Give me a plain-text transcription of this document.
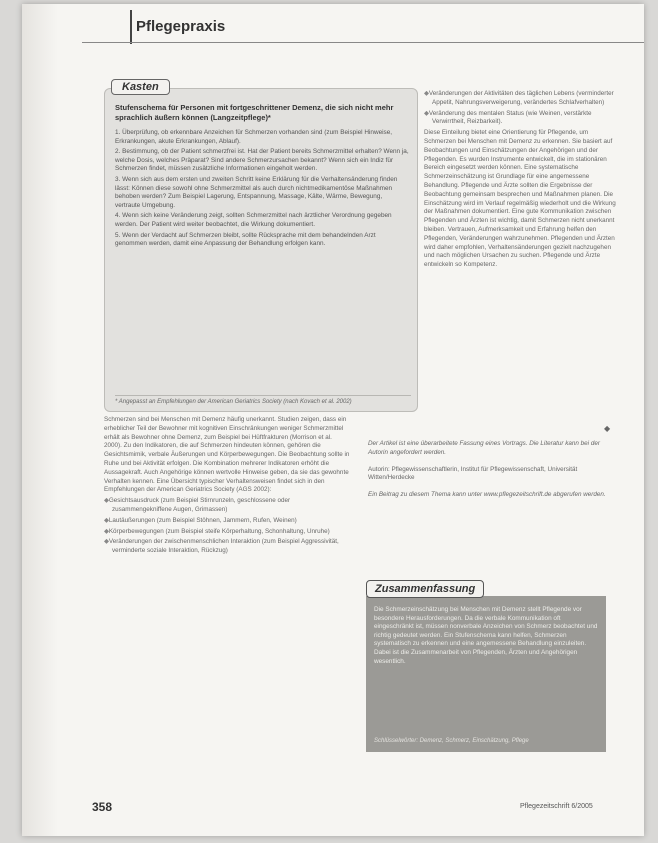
Pflegepraxis
Kasten
Stufenschema für Personen mit fortgeschrittener Demenz, die sich nicht mehr sprachlich äußern können (Langzeitpflege)*

1. Überprüfung, ob erkennbare Anzeichen für Schmerzen vorhanden sind (zum Beispiel Hinweise, Erkrankungen, akute Erkrankungen, Ablauf).

2. Bestimmung, ob der Patient schmerzfrei ist. Hat der Patient bereits Schmerzmittel erhalten? Wenn ja, welche Dosis, welches Präparat? Sind andere Schmerzursachen bekannt? Wenn sich ein Indiz für Schmerzen findet, müssen zusätzliche Informationen eingeholt werden.

3. Wenn sich aus dem ersten und zweiten Schritt keine Erklärung für die Verhaltensänderung finden lässt: Können diese sowohl ohne Schmerzmittel als auch durch nichtmedikamentöse Maßnahmen behoben werden? Zum Beispiel Lagerung, Entspannung, Massage, Kälte, Wärme, Bewegung, vertraute Umgebung.

4. Wenn sich keine Veränderung zeigt, sollten Schmerzmittel nach ärztlicher Verordnung gegeben werden. Der Patient wird weiter beobachtet, die Wirkung dokumentiert.

5. Wenn der Verdacht auf Schmerzen bleibt, sollte Rücksprache mit dem behandelnden Arzt genommen werden, damit eine Anpassung der Behandlung erfolgen kann.

* Angepasst an Empfehlungen der American Geriatrics Society (nach Kovach et al. 2002)

◆ Veränderungen der Aktivitäten des täglichen Lebens (verminderter Appetit, Nahrungsverweigerung, verändertes Schlafverhalten)

◆ Veränderung des mentalen Status (wie Weinen, verstärkte Verwirrtheit, Reizbarkeit).

Diese Einteilung bietet eine Orientierung für Pflegende, um Schmerzen bei Menschen mit Demenz zu erkennen. Sie basiert auf Beobachtungen und Einschätzungen der Angehörigen und der Pflegenden. Es wurden Instrumente entwickelt, die im stationären Bereich eingesetzt werden können. Eine systematische Schmerzeinschätzung ist Grundlage für eine angemessene Behandlung. Pflegende und Ärzte sollten die Ergebnisse der Beobachtung gemeinsam besprechen und Maßnahmen planen. Die Einschätzung wird im Verlauf regelmäßig wiederholt und die Wirkung der Maßnahmen dokumentiert. Eine gute Kommunikation zwischen Pflegenden und Ärzten ist wichtig, damit Schmerzen nicht unerkannt bleiben. Vertrauen, Aufmerksamkeit und Erfahrung helfen den Pflegenden, Veränderungen wahrzunehmen. Pflegenden und Ärzten wird daher empfohlen, Verhaltensänderungen gezielt nachzugehen und nach möglichen Ursachen zu suchen. Pflegende und Ärzte entwickeln so Kompetenz.

◆

Schmerzen sind bei Menschen mit Demenz häufig unerkannt. Studien zeigen, dass ein erheblicher Teil der Bewohner mit kognitiven Einschränkungen weniger Schmerzmittel erhält als Bewohner ohne Demenz, zum Beispiel bei Hüftfrakturen (Morrison et al. 2000). Zu den Indikatoren, die auf Schmerzen hindeuten können, gehören die Gesichtsmimik, verbale Äußerungen und Körperbewegungen. Die Beobachtung sollte in Ruhe und bei Aktivität erfolgen. Die Kombination mehrerer Indikatoren erhöht die Aussagekraft. Auch Angehörige können wertvolle Hinweise geben, da sie das gewohnte Verhalten kennen. Eine Übersicht typischer Verhaltensweisen findet sich in den Empfehlungen der American Geriatrics Society (AGS 2002):

◆ Gesichtsausdruck (zum Beispiel Stirnrunzeln, geschlossene oder zusammengekniffene Augen, Grimassen)

◆ Lautäußerungen (zum Beispiel Stöhnen, Jammern, Rufen, Weinen)

◆ Körperbewegungen (zum Beispiel steife Körperhaltung, Schonhaltung, Unruhe)

◆ Veränderungen der zwischenmenschlichen Interaktion (zum Beispiel Aggressivität, verminderte soziale Interaktion, Rückzug)

Der Artikel ist eine überarbeitete Fassung eines Vortrags. Die Literatur kann bei der Autorin angefordert werden.

Autorin: Pflegewissenschaftlerin, Institut für Pflegewissenschaft, Universität Witten/Herdecke

Ein Beitrag zu diesem Thema kann unter www.pflegezeitschrift.de abgerufen werden.

Die Schmerzeinschätzung bei Menschen mit Demenz stellt Pflegende vor besondere Herausforderungen. Da die verbale Kommunikation oft eingeschränkt ist, müssen nonverbale Anzeichen von Schmerz beobachtet und richtig gedeutet werden. Ein Stufenschema kann helfen, Schmerzen systematisch zu erkennen und eine angemessene Behandlung einzuleiten. Dabei ist die Zusammenarbeit von Pflegenden, Ärzten und Angehörigen wesentlich.
Schlüsselwörter: Demenz, Schmerz, Einschätzung, Pflege
Zusammenfassung
358	Pflegezeitschrift 6/2005
